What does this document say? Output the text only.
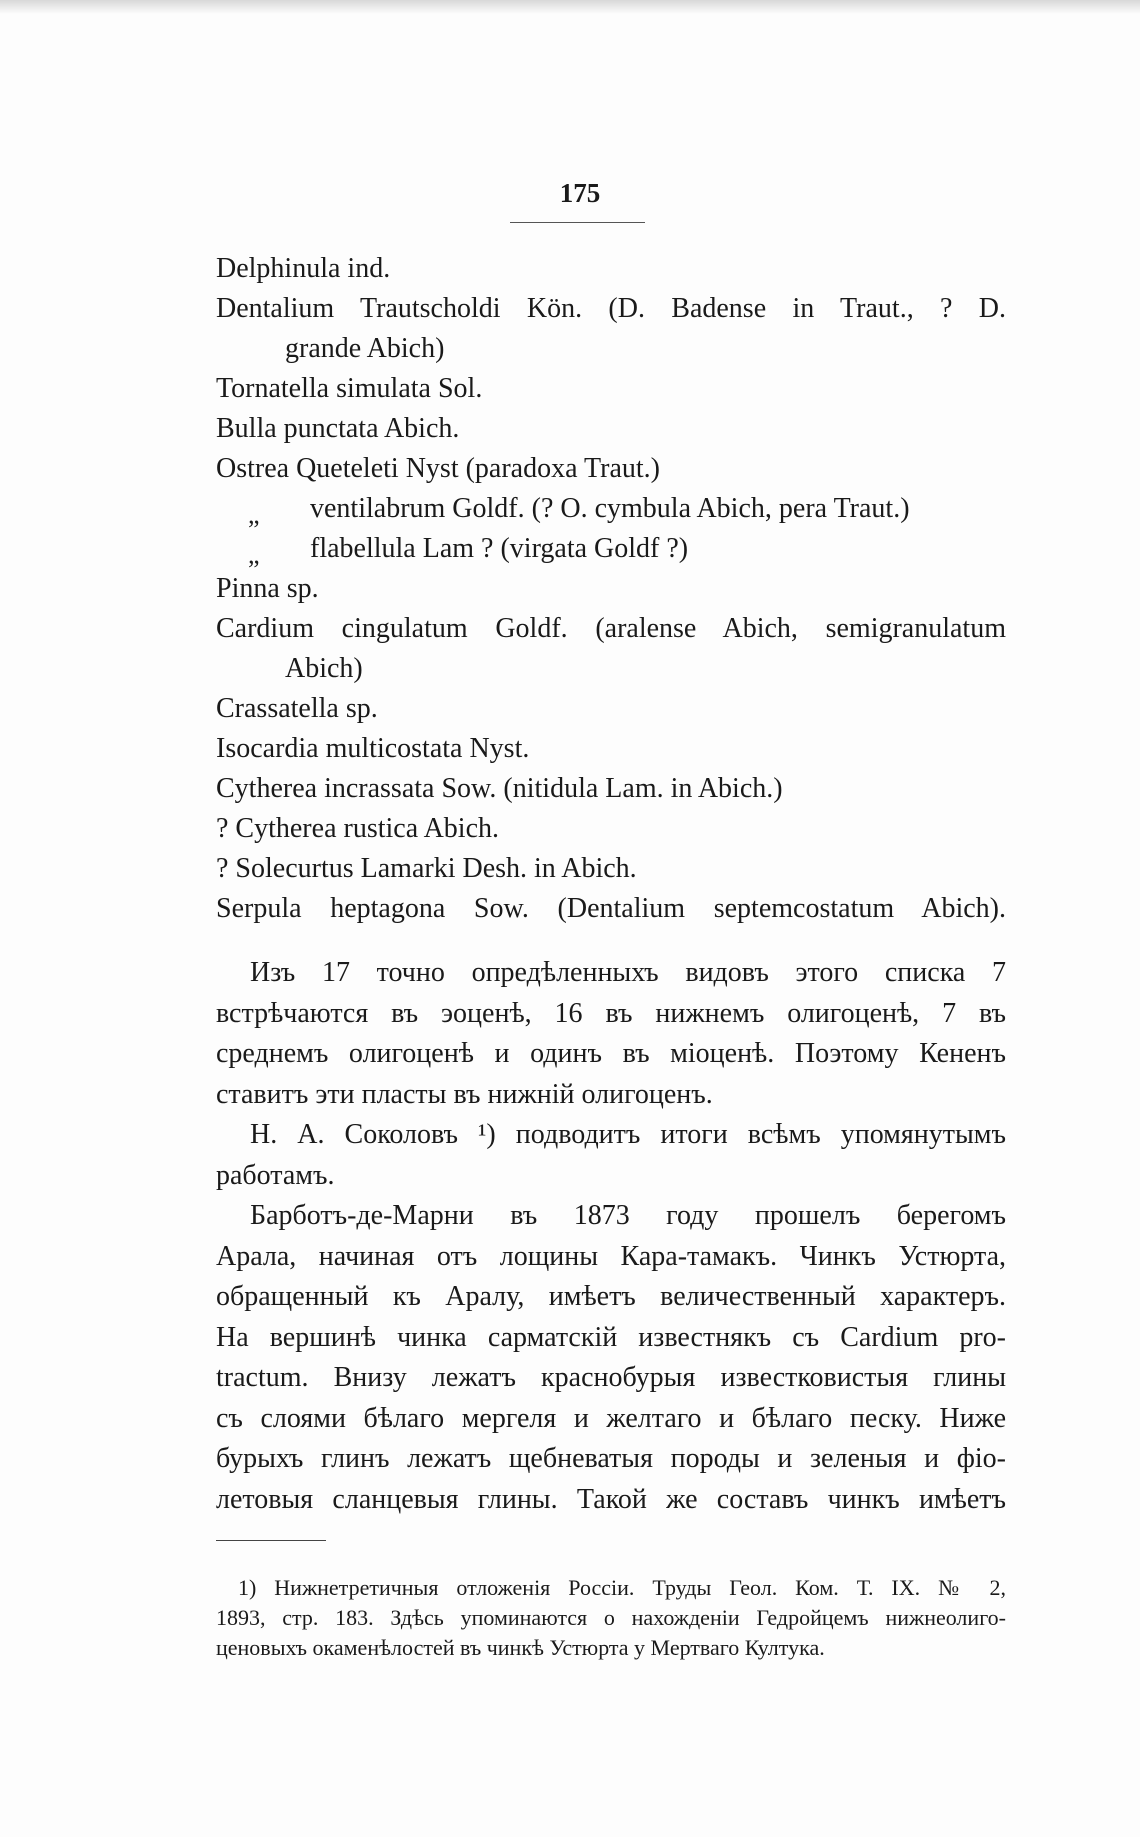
175
Delphinula ind.
Dentalium Trautscholdi Kön. (D. Badense in Traut., ? D.
grande Abich)
Tornatella simulata Sol.
Bulla punctata Abich.
Ostrea Queteleti Nyst (paradoxa Traut.)
„ ventilabrum Goldf. (? O. cymbula Abich, pera Traut.)
„ flabellula Lam ? (virgata Goldf ?)
Pinna sp.
Cardium cingulatum Goldf. (aralense Abich, semigranulatum
Abich)
Crassatella sp.
Isocardia multicostata Nyst.
Cytherea incrassata Sow. (nitidula Lam. in Abich.)
? Cytherea rustica Abich.
? Solecurtus Lamarki Desh. in Abich.
Serpula heptagona Sow. (Dentalium septemcostatum Abich).
Изъ 17 точно опредѣленныхъ видовъ этого списка 7
встрѣчаются въ эоценѣ, 16 въ нижнемъ олигоценѣ, 7 въ
среднемъ олигоценѣ и одинъ въ міоценѣ. Поэтому Кененъ
ставитъ эти пласты въ нижній олигоценъ.
Н. А. Соколовъ ¹) подводитъ итоги всѣмъ упомянутымъ
работамъ.
Барботъ-де-Марни въ 1873 году прошелъ берегомъ
Арала, начиная отъ лощины Кара-тамакъ. Чинкъ Устюрта,
обращенный къ Аралу, имѣетъ величественный характеръ.
На вершинѣ чинка сарматскій известнякъ съ Cardium pro-
tractum. Внизу лежатъ краснобурыя известковистыя глины
съ слоями бѣлаго мергеля и желтаго и бѣлаго песку. Ниже
бурыхъ глинъ лежатъ щебневатыя породы и зеленыя и фіо-
летовыя сланцевыя глины. Такой же составъ чинкъ имѣетъ
1) Нижнетретичныя отложенія Россіи. Труды Геол. Ком. Т. IX. № 2,
1893, стр. 183. Здѣсь упоминаются о нахожденіи Гедройцемъ нижнеолиго-
ценовыхъ окаменѣлостей въ чинкѣ Устюрта у Мертваго Култука.
